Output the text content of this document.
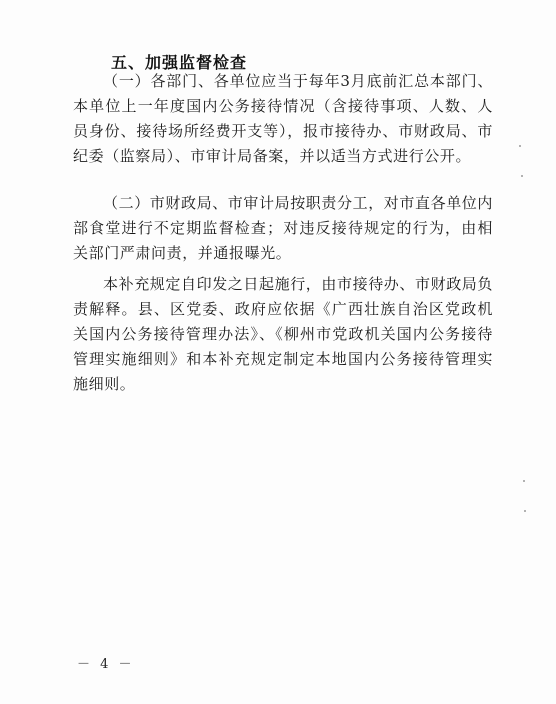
五、加强监督检查

（一）各部门、各单位应当于每年3月底前汇总本部门、本单位上一年度国内公务接待情况（含接待事项、人数、人员身份、接待场所经费开支等），报市接待办、市财政局、市纪委（监察局）、市审计局备案，并以适当方式进行公开。

（二）市财政局、市审计局按职责分工，对市直各单位内部食堂进行不定期监督检查；对违反接待规定的行为，由相关部门严肃问责，并通报曝光。

本补充规定自印发之日起施行，由市接待办、市财政局负责解释。县、区党委、政府应依据《广西壮族自治区党政机关国内公务接待管理办法》、《柳州市党政机关国内公务接待管理实施细则》和本补充规定制定本地国内公务接待管理实施细则。

－ 4 －
